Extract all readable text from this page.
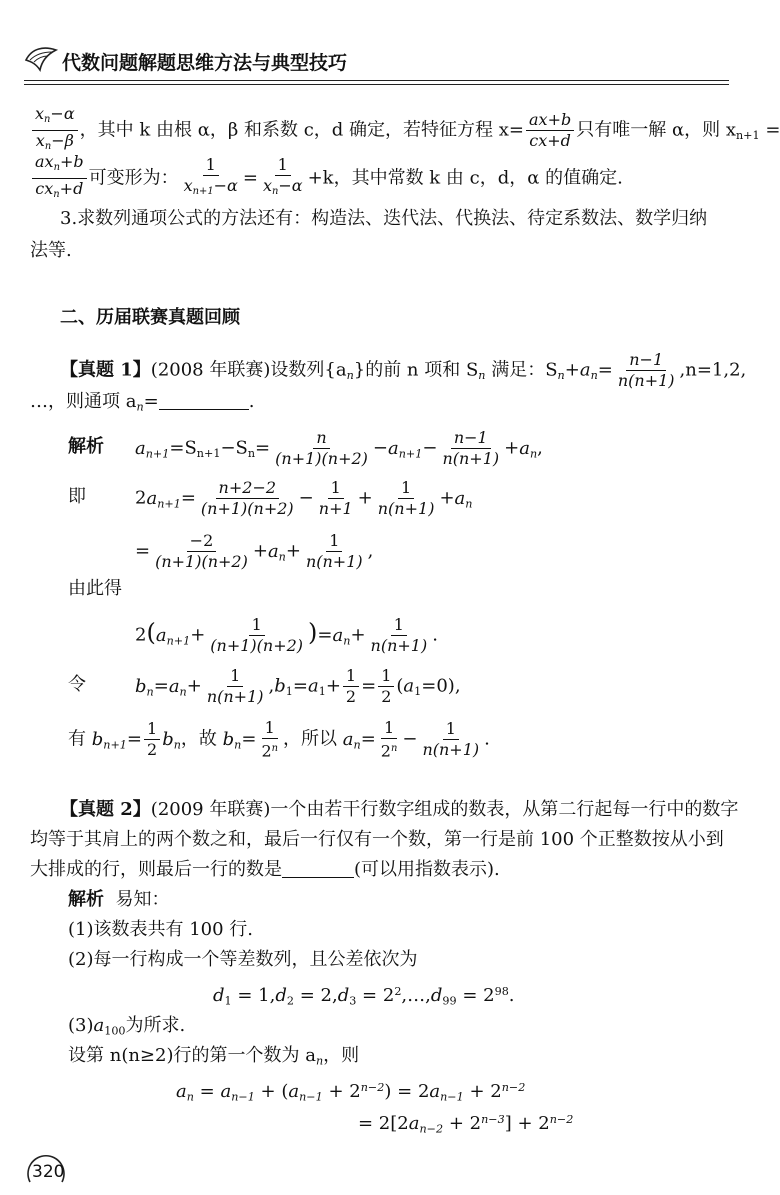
代数问题解题思维方法与典型技巧
$\frac{x_n-\alpha}{x_n-\beta}$ ，其中 k 由根 α，β 和系数 c，d 确定，若特征方程 $x= \frac{ax+b}{cx+d}$ 只有唯一解 α，则 $x_{n+1}$ =
$\frac{ax_n+b}{cx_n+d}$ 可变形为： $\frac{1}{x_{n+1}-\alpha} = \frac{1}{x_n-\alpha} +k$，其中常数 k 由 c，d，α 的值确定.
3.求数列通项公式的方法还有：构造法、迭代法、代换法、待定系数法、数学归纳
法等.
二、历届联赛真题回顾
【真题 1】(2008 年联赛)设数列$\{a_n\}$的前 n 项和 $S_n$ 满足：$S_n+a_n= \frac{n-1}{n(n+1)} ,n=1,2$,
…，则通项 $a_n=$	.
解析 $a_{n+1}=S_{n+1}-S_n= \frac{n}{(n+1)(n+2)} -a_{n+1}- \frac{n-1}{n(n+1)} +a_n$,
即	$2a_{n+1}= \frac{n+2-2}{(n+1)(n+2)} - \frac{1}{n+1} + \frac{1}{n(n+1)} +a_n$
= $\frac{-2}{(n+1)(n+2)} +a_n+ \frac{1}{n(n+1)}$ ,
由此得
$2(a_{n+1}+ \frac{1}{(n+1)(n+2)} )=a_n+ \frac{1}{n(n+1)}$ .
令	$b_n=a_n+ \frac{1}{n(n+1)} ,b_1=a_1+ \frac{1}{2} = \frac{1}{2} (a_1=0)$,
有 $b_{n+1}= \frac{1}{2} b_n$，故 $b_n= \frac{1}{2^n}$ ，所以 $a_n= \frac{1}{2^n} - \frac{1}{n(n+1)}$ .
【真题 2】(2009 年联赛)一个由若干行数字组成的数表，从第二行起每一行中的数字
均等于其肩上的两个数之和，最后一行仅有一个数，第一行是前 100 个正整数按从小到
大排成的行，则最后一行的数是	(可以用指数表示).
解析 易知：
(1)该数表共有 100 行.
(2)每一行构成一个等差数列，且公差依次为
$d_1 = 1,d_2 = 2,d_3$ = $2^2,\dots,d_{99} = 2^{98}$.
$(3)a_{100}$为所求.
设第 n(n≥2)行的第一个数为 $a_n$，则
$a_n = a_{n-1} + (a_{n-1} + 2^{n-2}) = 2a_{n-1} + 2^{n-2}$
= $2[2a_{n-2} + 2^{n-3}] + 2^{n-2}$
320
